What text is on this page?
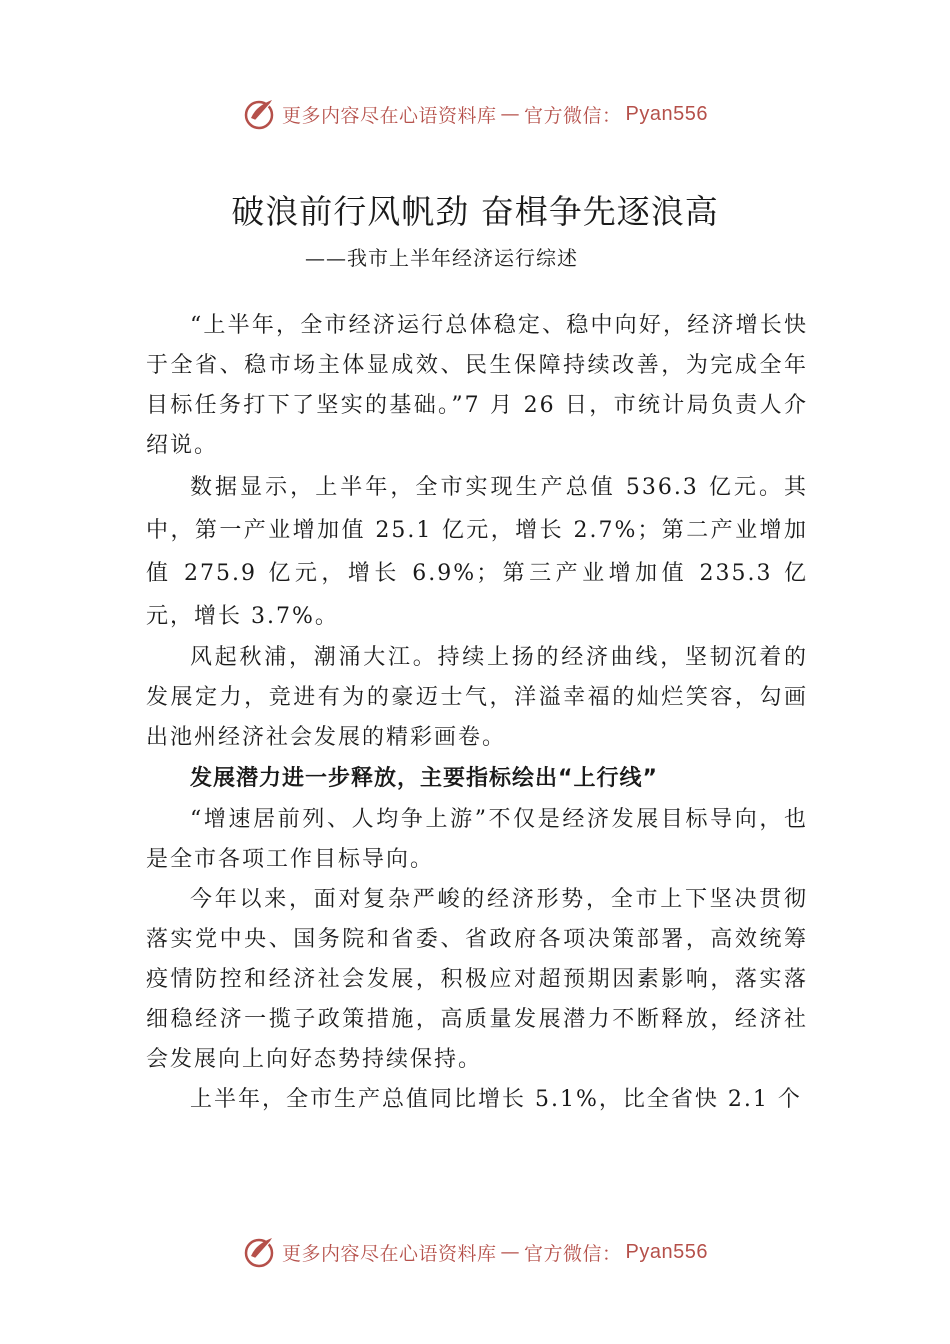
更多内容尽在心语资料库 — 官方微信： Pyan556
破浪前行风帆劲 奋楫争先逐浪高
——我市上半年经济运行综述

“上半年，全市经济运行总体稳定、稳中向好，经济增长快于全省、稳市场主体显成效、民生保障持续改善，为完成全年目标任务打下了坚实的基础。”7 月 26 日，市统计局负责人介绍说。

数据显示，上半年，全市实现生产总值 536.3 亿元。其中，第一产业增加值 25.1 亿元，增长 2.7%；第二产业增加值 275.9 亿元，增长 6.9%；第三产业增加值 235.3 亿元，增长 3.7%。

风起秋浦，潮涌大江。持续上扬的经济曲线，坚韧沉着的发展定力，竞进有为的豪迈士气，洋溢幸福的灿烂笑容，勾画出池州经济社会发展的精彩画卷。

发展潜力进一步释放，主要指标绘出“上行线”

“增速居前列、人均争上游”不仅是经济发展目标导向，也是全市各项工作目标导向。

今年以来，面对复杂严峻的经济形势，全市上下坚决贯彻落实党中央、国务院和省委、省政府各项决策部署，高效统筹疫情防控和经济社会发展，积极应对超预期因素影响，落实落细稳经济一揽子政策措施，高质量发展潜力不断释放，经济社会发展向上向好态势持续保持。

上半年，全市生产总值同比增长 5.1%，比全省快 2.1 个

更多内容尽在心语资料库 — 官方微信： Pyan556
